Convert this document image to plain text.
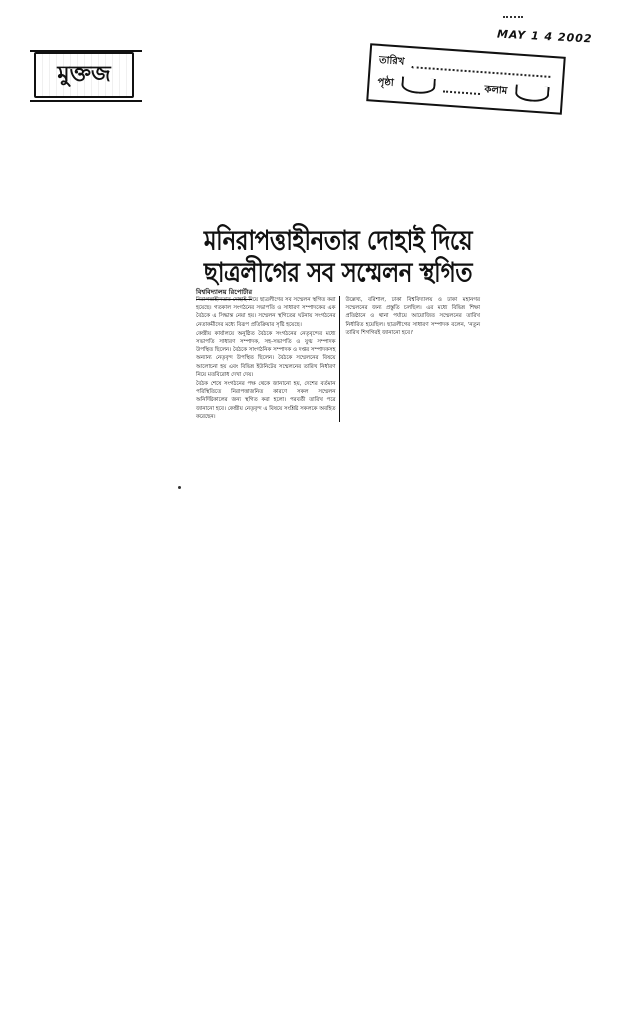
MAY 1 4 2002
মুক্তজ	তারিখ
পৃষ্ঠা
কলাম
মনিরাপত্তাহীনতার দোহাই দিয়ে
ছাত্রলীগের সব সম্মেলন স্থগিত
বিশ্ববিদ্যালয় রিপোর্টার

নিরাপত্তাহীনতার দোহাই দিয়ে ছাত্রলীগের সব সম্মেলন স্থগিত করা হয়েছে। গতকাল সংগঠনের সভাপতি ও সাধারণ সম্পাদকের এক বৈঠকে এ সিদ্ধান্ত নেয়া হয়। সম্মেলন স্থগিতের ঘটনায় সংগঠনের নেতাকর্মীদের মধ্যে বিরূপ প্রতিক্রিয়ার সৃষ্টি হয়েছে।

কেন্দ্রীয় কার্যালয়ে অনুষ্ঠিত বৈঠকে সংগঠনের নেতৃবৃন্দের মধ্যে সভাপতি সাধারণ সম্পাদক, সহ-সভাপতি ও যুগ্ম সম্পাদক উপস্থিত ছিলেন। বৈঠকে সাংগঠনিক সম্পাদক ও দপ্তর সম্পাদকসহ অন্যান্য নেতৃবৃন্দ উপস্থিত ছিলেন। বৈঠকে সম্মেলনের বিষয়ে আলোচনা হয় এবং বিভিন্ন ইউনিটের সম্মেলনের তারিখ নির্ধারণ নিয়ে মতবিরোধ দেখা দেয়।

বৈঠক শেষে সংগঠনের পক্ষ থেকে জানানো হয়, দেশের বর্তমান পরিস্থিতিতে নিরাপত্তাজনিত কারণে সকল সম্মেলন অনির্দিষ্টকালের জন্য স্থগিত করা হলো। পরবর্তী তারিখ পরে জানানো হবে। কেন্দ্রীয় নেতৃবৃন্দ এ বিষয়ে সংশ্লিষ্ট সকলকে অবহিত করেছেন।

উল্লেখ্য, বরিশাল, ঢাকা বিশ্ববিদ্যালয় ও ঢাকা মহানগর সম্মেলনের জন্য প্রস্তুতি চলছিল। এর মধ্যে বিভিন্ন শিক্ষা প্রতিষ্ঠানে ও থানা পর্যায়ে আয়োজিত সম্মেলনের তারিখ নির্ধারিত হয়েছিল। ছাত্রলীগের সাধারণ সম্পাদক বলেন, 'নতুন তারিখ শিগগিরই জানানো হবে।'
